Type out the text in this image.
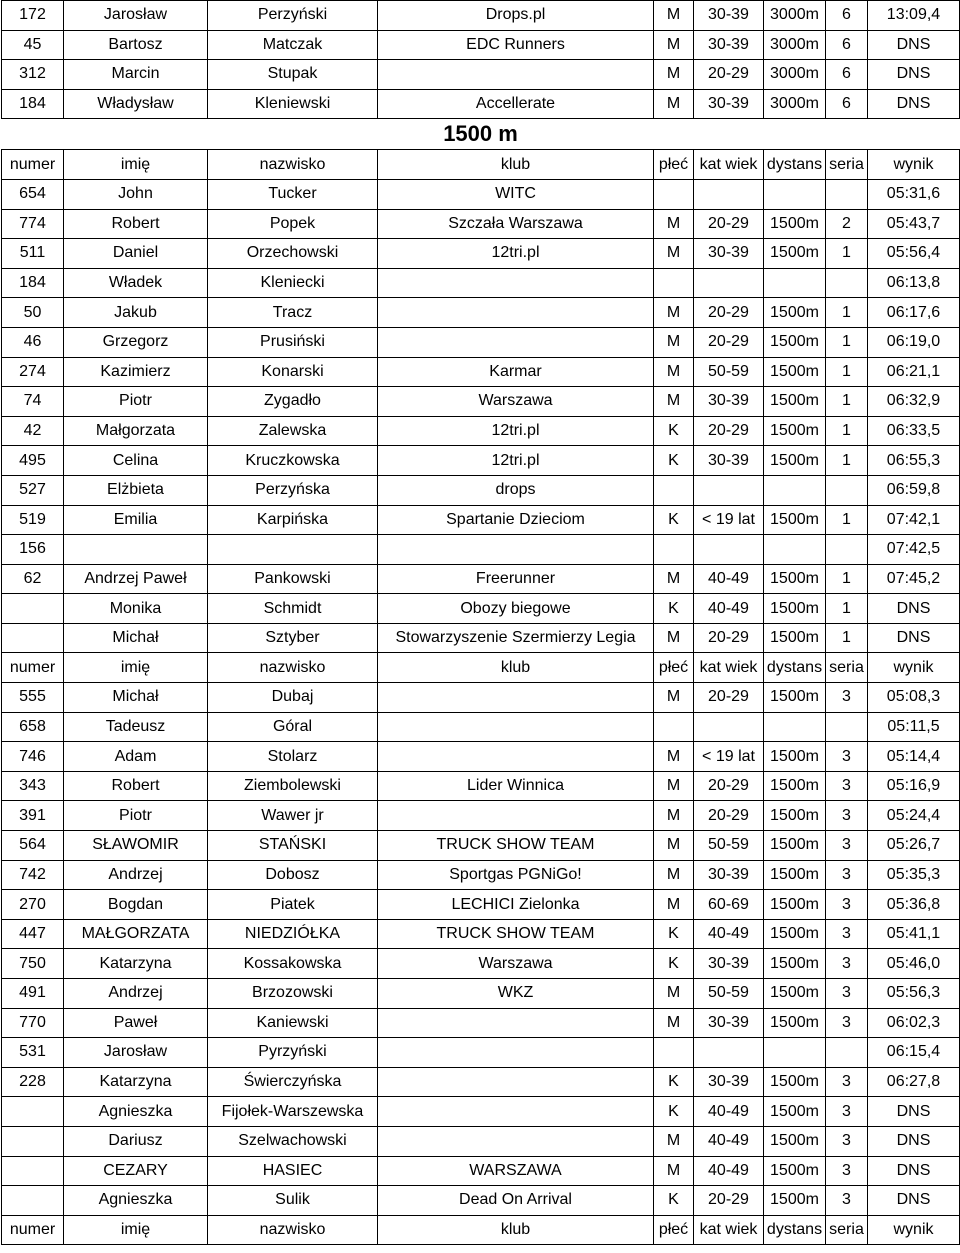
172	Jarosław	Perzyński	Drops.pl	M	30-39	3000m	6	13:09,4
45	Bartosz	Matczak	EDC Runners	M	30-39	3000m	6	DNS
312	Marcin	Stupak		M	20-29	3000m	6	DNS
184	Władysław	Kleniewski	Accellerate	M	30-39	3000m	6	DNS
1500 m								
numer	imię	nazwisko	klub	płeć	kat wiek	dystans	seria	wynik
654	John	Tucker	WITC					05:31,6
774	Robert	Popek	Szczała Warszawa	M	20-29	1500m	2	05:43,7
511	Daniel	Orzechowski	12tri.pl	M	30-39	1500m	1	05:56,4
184	Władek	Kleniecki						06:13,8
50	Jakub	Tracz		M	20-29	1500m	1	06:17,6
46	Grzegorz	Prusiński		M	20-29	1500m	1	06:19,0
274	Kazimierz	Konarski	Karmar	M	50-59	1500m	1	06:21,1
74	Piotr	Zygadło	Warszawa	M	30-39	1500m	1	06:32,9
42	Małgorzata	Zalewska	12tri.pl	K	20-29	1500m	1	06:33,5
495	Celina	Kruczkowska	12tri.pl	K	30-39	1500m	1	06:55,3
527	Elżbieta	Perzyńska	drops					06:59,8
519	Emilia	Karpińska	Spartanie Dzieciom	K	< 19 lat	1500m	1	07:42,1
156								07:42,5
62	Andrzej Paweł	Pankowski	Freerunner	M	40-49	1500m	1	07:45,2
	Monika	Schmidt	Obozy biegowe	K	40-49	1500m	1	DNS
	Michał	Sztyber	Stowarzyszenie Szermierzy Legia	M	20-29	1500m	1	DNS
numer	imię	nazwisko	klub	płeć	kat wiek	dystans	seria	wynik
555	Michał	Dubaj		M	20-29	1500m	3	05:08,3
658	Tadeusz	Góral						05:11,5
746	Adam	Stolarz		M	< 19 lat	1500m	3	05:14,4
343	Robert	Ziembolewski	Lider Winnica	M	20-29	1500m	3	05:16,9
391	Piotr	Wawer jr		M	20-29	1500m	3	05:24,4
564	SŁAWOMIR	STAŃSKI	TRUCK SHOW TEAM	M	50-59	1500m	3	05:26,7
742	Andrzej	Dobosz	Sportgas PGNiGo!	M	30-39	1500m	3	05:35,3
270	Bogdan	Piatek	LECHICI Zielonka	M	60-69	1500m	3	05:36,8
447	MAŁGORZATA	NIEDZIÓŁKA	TRUCK SHOW TEAM	K	40-49	1500m	3	05:41,1
750	Katarzyna	Kossakowska	Warszawa	K	30-39	1500m	3	05:46,0
491	Andrzej	Brzozowski	WKZ	M	50-59	1500m	3	05:56,3
770	Paweł	Kaniewski		M	30-39	1500m	3	06:02,3
531	Jarosław	Pyrzyński						06:15,4
228	Katarzyna	Świerczyńska		K	30-39	1500m	3	06:27,8
	Agnieszka	Fijołek-Warszewska		K	40-49	1500m	3	DNS
	Dariusz	Szelwachowski		M	40-49	1500m	3	DNS
	CEZARY	HASIEC	WARSZAWA	M	40-49	1500m	3	DNS
	Agnieszka	Sulik	Dead On Arrival	K	20-29	1500m	3	DNS
numer	imię	nazwisko	klub	płeć	kat wiek	dystans	seria	wynik
